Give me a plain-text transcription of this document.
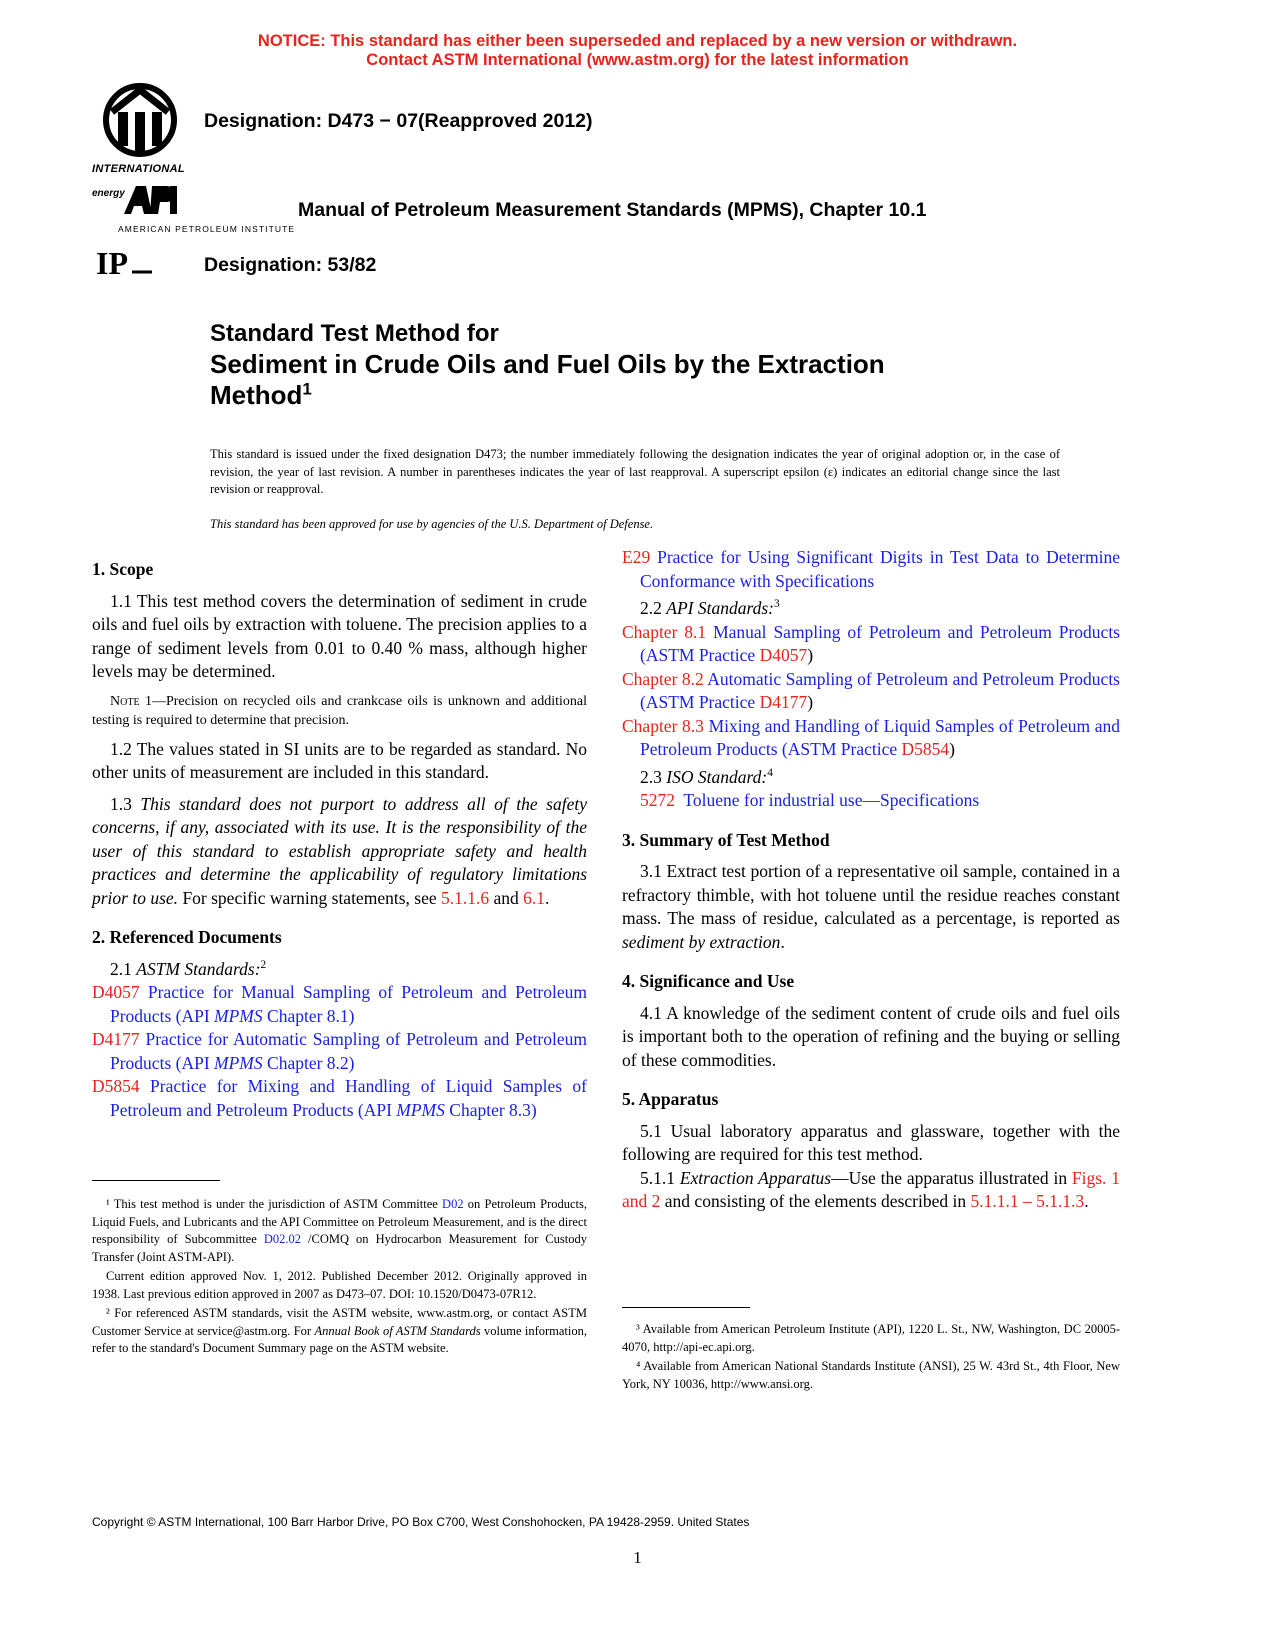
NOTICE: This standard has either been superseded and replaced by a new version or withdrawn.
Contact ASTM International (www.astm.org) for the latest information
INTERNATIONAL
Designation: D473 − 07(Reapproved 2012)
energy
AMERICAN PETROLEUM INSTITUTE
Manual of Petroleum Measurement Standards (MPMS), Chapter 10.1
IP	Designation: 53/82
Standard Test Method for
Sediment in Crude Oils and Fuel Oils by the Extraction
Method$^1$
This standard is issued under the fixed designation D473; the number immediately following the designation indicates the year of original adoption or, in the case of revision, the year of last revision. A number in parentheses indicates the year of last reapproval. A superscript epsilon (ε) indicates an editorial change since the last revision or reapproval.
This standard has been approved for use by agencies of the U.S. Department of Defense.
1. Scope

1.1 This test method covers the determination of sediment in crude oils and fuel oils by extraction with toluene. The precision applies to a range of sediment levels from 0.01 to 0.40 % mass, although higher levels may be determined.

Note 1—Precision on recycled oils and crankcase oils is unknown and additional testing is required to determine that precision.

1.2 The values stated in SI units are to be regarded as standard. No other units of measurement are included in this standard.

1.3 This standard does not purport to address all of the safety concerns, if any, associated with its use. It is the responsibility of the user of this standard to establish appropriate safety and health practices and determine the applicability of regulatory limitations prior to use. For specific warning statements, see 5.1.1.6 and 6.1.

2. Referenced Documents

2.1 ASTM Standards:$^2$

D4057 Practice for Manual Sampling of Petroleum and Petroleum Products (API MPMS Chapter 8.1)

D4177 Practice for Automatic Sampling of Petroleum and Petroleum Products (API MPMS Chapter 8.2)

D5854 Practice for Mixing and Handling of Liquid Samples of Petroleum and Petroleum Products (API MPMS Chapter 8.3)

¹ This test method is under the jurisdiction of ASTM Committee D02 on Petroleum Products, Liquid Fuels, and Lubricants and the API Committee on Petroleum Measurement, and is the direct responsibility of Subcommittee D02.02 /COMQ on Hydrocarbon Measurement for Custody Transfer (Joint ASTM-API).

Current edition approved Nov. 1, 2012. Published December 2012. Originally approved in 1938. Last previous edition approved in 2007 as D473–07. DOI: 10.1520/D0473-07R12.

² For referenced ASTM standards, visit the ASTM website, www.astm.org, or contact ASTM Customer Service at service@astm.org. For Annual Book of ASTM Standards volume information, refer to the standard's Document Summary page on the ASTM website.

E29 Practice for Using Significant Digits in Test Data to Determine Conformance with Specifications

2.2 API Standards:$^3$

Chapter 8.1 Manual Sampling of Petroleum and Petroleum Products (ASTM Practice D4057)

Chapter 8.2 Automatic Sampling of Petroleum and Petroleum Products (ASTM Practice D4177)

Chapter 8.3 Mixing and Handling of Liquid Samples of Petroleum and Petroleum Products (ASTM Practice D5854)

2.3 ISO Standard:$^4$

5272  Toluene for industrial use—Specifications

3. Summary of Test Method

3.1 Extract test portion of a representative oil sample, contained in a refractory thimble, with hot toluene until the residue reaches constant mass. The mass of residue, calculated as a percentage, is reported as sediment by extraction.

4. Significance and Use

4.1 A knowledge of the sediment content of crude oils and fuel oils is important both to the operation of refining and the buying or selling of these commodities.

5. Apparatus

5.1 Usual laboratory apparatus and glassware, together with the following are required for this test method.

5.1.1 Extraction Apparatus—Use the apparatus illustrated in Figs. 1 and 2 and consisting of the elements described in 5.1.1.1 – 5.1.1.3.

³ Available from American Petroleum Institute (API), 1220 L. St., NW, Washington, DC 20005-4070, http://api-ec.api.org.

⁴ Available from American National Standards Institute (ANSI), 25 W. 43rd St., 4th Floor, New York, NY 10036, http://www.ansi.org.

Copyright © ASTM International, 100 Barr Harbor Drive, PO Box C700, West Conshohocken, PA 19428-2959. United States
1
